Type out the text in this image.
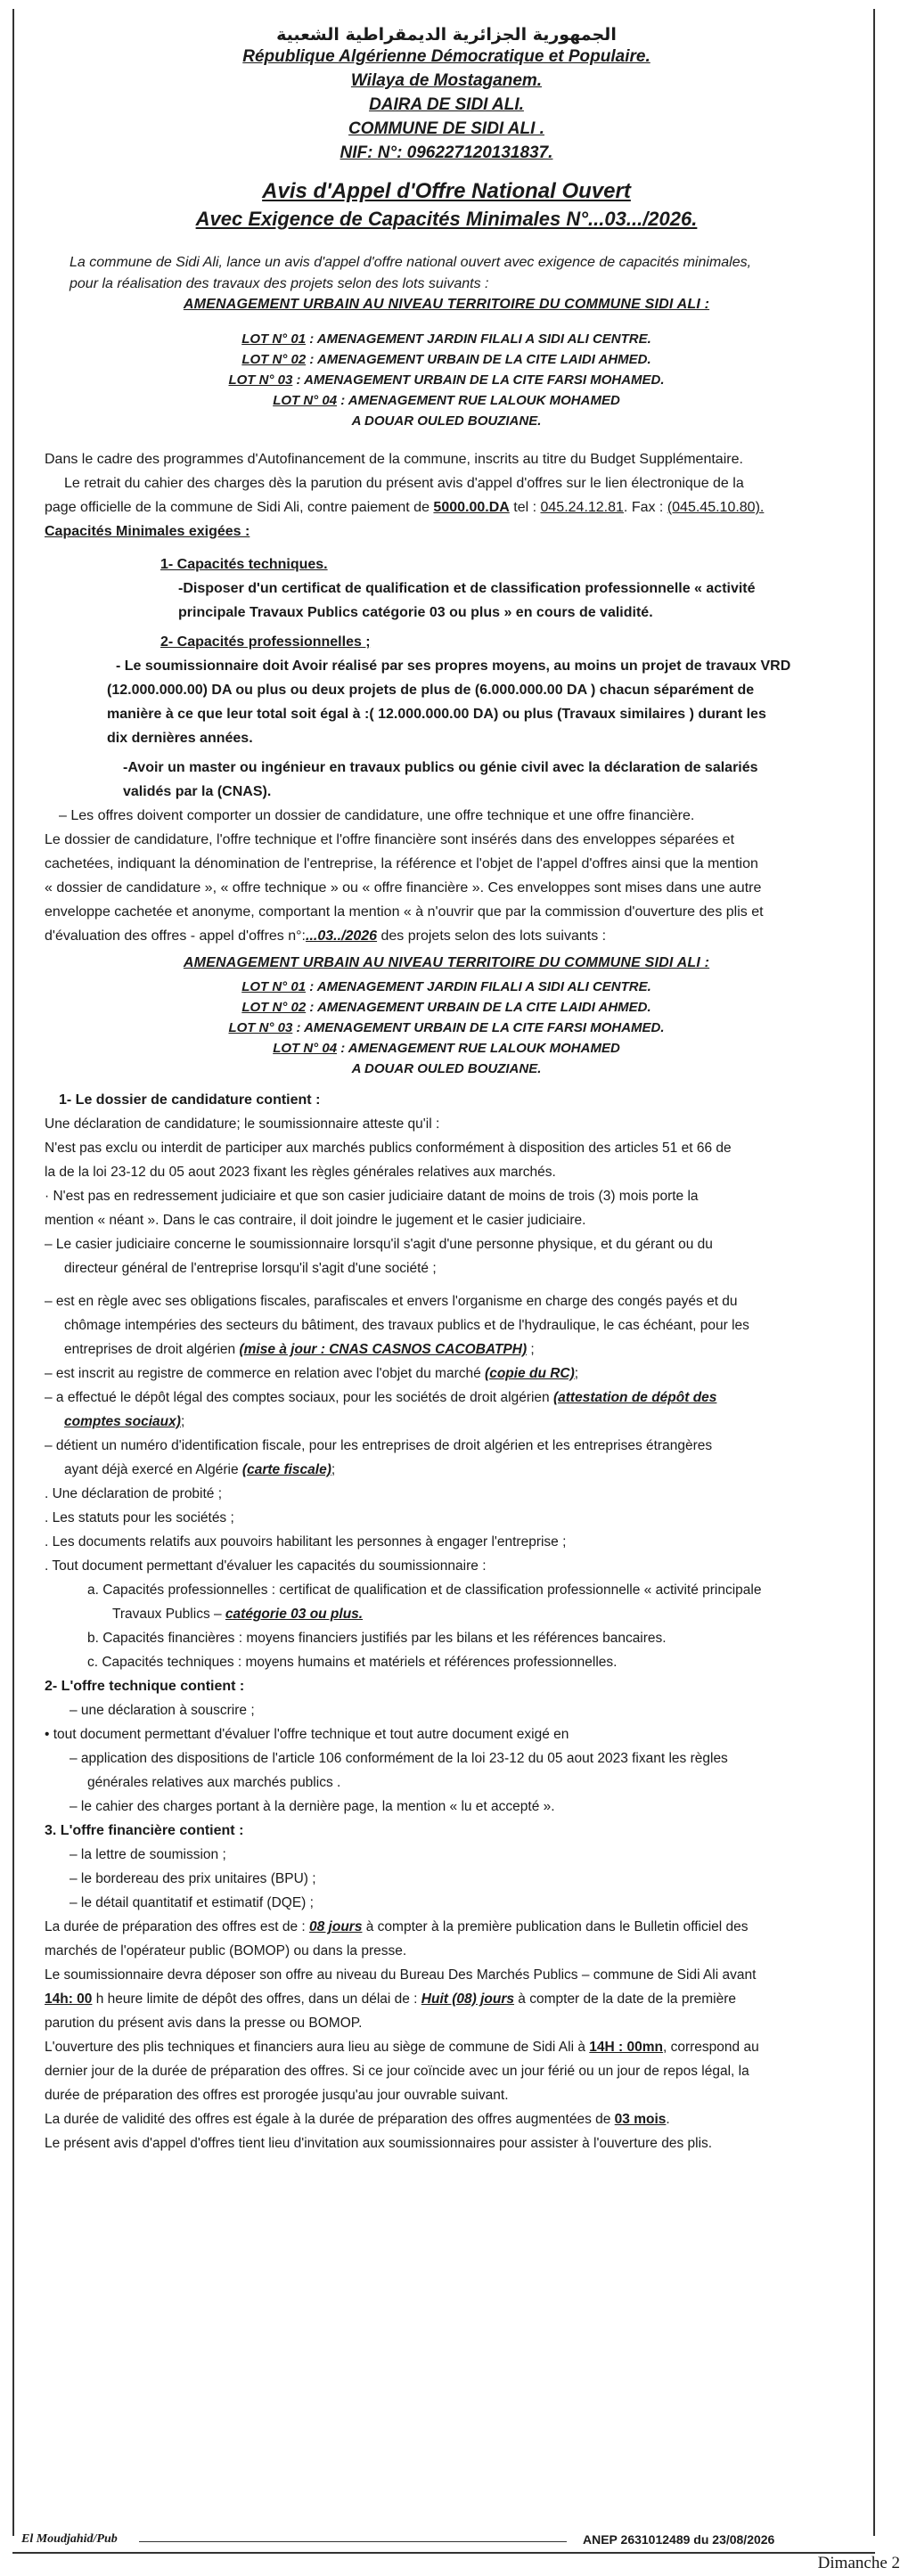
الجمهورية الجزائرية الديمقراطية الشعبية
République Algérienne Démocratique et Populaire.
Wilaya de Mostaganem.
DAIRA DE SIDI ALI.
COMMUNE DE SIDI ALI .
NIF: N°: 096227120131837.
Avis d'Appel d'Offre National Ouvert
Avec Exigence de Capacités Minimales N°...03.../2026.
La commune de Sidi Ali, lance un avis d'appel d'offre national ouvert avec exigence de capacités minimales,
pour la réalisation des travaux des projets selon des lots suivants :
AMENAGEMENT URBAIN AU NIVEAU TERRITOIRE DU COMMUNE SIDI ALI :
LOT N° 01 : AMENAGEMENT JARDIN FILALI A SIDI ALI CENTRE.
LOT N° 02 : AMENAGEMENT URBAIN DE LA CITE LAIDI AHMED.
LOT N° 03 : AMENAGEMENT URBAIN DE LA CITE FARSI MOHAMED.
LOT N° 04 : AMENAGEMENT RUE LALOUK MOHAMED
A DOUAR OULED BOUZIANE.

Dans le cadre des programmes d'Autofinancement de la commune, inscrits au titre du Budget Supplémentaire.

Le retrait du cahier des charges dès la parution du présent avis d'appel d'offres sur le lien électronique de la

page officielle de la commune de Sidi Ali, contre paiement de 5000.00.DA tel : 045.24.12.81. Fax : (045.45.10.80).

Capacités Minimales exigées :

1- Capacités techniques.

-Disposer d'un certificat de qualification et de classification professionnelle « activité

principale Travaux Publics catégorie 03 ou plus » en cours de validité.

2- Capacités professionnelles ;

- Le soumissionnaire doit Avoir réalisé par ses propres moyens, au moins un projet de travaux VRD

(12.000.000.00) DA ou plus ou deux projets de plus de (6.000.000.00 DA ) chacun séparément de

manière à ce que leur total soit égal à :( 12.000.000.00 DA) ou plus (Travaux similaires ) durant les

dix dernières années.

-Avoir un master ou ingénieur en travaux publics ou génie civil avec la déclaration de salariés

validés par la (CNAS).

– Les offres doivent comporter un dossier de candidature, une offre technique et une offre financière.

Le dossier de candidature, l'offre technique et l'offre financière sont insérés dans des enveloppes séparées et

cachetées, indiquant la dénomination de l'entreprise, la référence et l'objet de l'appel d'offres ainsi que la mention

« dossier de candidature », « offre technique » ou « offre financière ». Ces enveloppes sont mises dans une autre

enveloppe cachetée et anonyme, comportant la mention « à n'ouvrir que par la commission d'ouverture des plis et

d'évaluation des offres - appel d'offres n°:...03../2026 des projets selon des lots suivants :

AMENAGEMENT URBAIN AU NIVEAU TERRITOIRE DU COMMUNE SIDI ALI :
LOT N° 01 : AMENAGEMENT JARDIN FILALI A SIDI ALI CENTRE.
LOT N° 02 : AMENAGEMENT URBAIN DE LA CITE LAIDI AHMED.
LOT N° 03 : AMENAGEMENT URBAIN DE LA CITE FARSI MOHAMED.
LOT N° 04 : AMENAGEMENT RUE LALOUK MOHAMED
A DOUAR OULED BOUZIANE.

1- Le dossier de candidature contient :

Une déclaration de candidature; le soumissionnaire atteste qu'il :

N'est pas exclu ou interdit de participer aux marchés publics conformément à disposition des articles 51 et 66 de

la de la loi 23-12 du 05 aout 2023 fixant les règles générales relatives aux marchés.

· N'est pas en redressement judiciaire et que son casier judiciaire datant de moins de trois (3) mois porte la

mention « néant ». Dans le cas contraire, il doit joindre le jugement et le casier judiciaire.

– Le casier judiciaire concerne le soumissionnaire lorsqu'il s'agit d'une personne physique, et du gérant ou du

directeur général de l'entreprise lorsqu'il s'agit d'une société ;

– est en règle avec ses obligations fiscales, parafiscales et envers l'organisme en charge des congés payés et du

chômage intempéries des secteurs du bâtiment, des travaux publics et de l'hydraulique, le cas échéant, pour les

entreprises de droit algérien (mise à jour : CNAS CASNOS CACOBATPH) ;

– est inscrit au registre de commerce en relation avec l'objet du marché (copie du RC);

– a effectué le dépôt légal des comptes sociaux, pour les sociétés de droit algérien (attestation de dépôt des

comptes sociaux);

– détient un numéro d'identification fiscale, pour les entreprises de droit algérien et les entreprises étrangères

ayant déjà exercé en Algérie (carte fiscale);

. Une déclaration de probité ;

. Les statuts pour les sociétés ;

. Les documents relatifs aux pouvoirs habilitant les personnes à engager l'entreprise ;

. Tout document permettant d'évaluer les capacités du soumissionnaire :

a. Capacités professionnelles : certificat de qualification et de classification professionnelle « activité principale

Travaux Publics – catégorie 03 ou plus.

b. Capacités financières : moyens financiers justifiés par les bilans et les références bancaires.

c. Capacités techniques : moyens humains et matériels et références professionnelles.

2- L'offre technique contient :

– une déclaration à souscrire ;

• tout document permettant d'évaluer l'offre technique et tout autre document exigé en

– application des dispositions de l'article 106 conformément de la loi 23-12 du 05 aout 2023 fixant les règles

générales relatives aux marchés publics .

– le cahier des charges portant à la dernière page, la mention « lu et accepté ».

3. L'offre financière contient :

– la lettre de soumission ;

– le bordereau des prix unitaires (BPU) ;

– le détail quantitatif et estimatif (DQE) ;

La durée de préparation des offres est de : 08 jours à compter à la première publication dans le Bulletin officiel des

marchés de l'opérateur public (BOMOP) ou dans la presse.

Le soumissionnaire devra déposer son offre au niveau du Bureau Des Marchés Publics – commune de Sidi Ali avant

14h: 00 h heure limite de dépôt des offres, dans un délai de : Huit (08) jours à compter de la date de la première

parution du présent avis dans la presse ou BOMOP.

L'ouverture des plis techniques et financiers aura lieu au siège de commune de Sidi Ali à 14H : 00mn, correspond au

dernier jour de la durée de préparation des offres. Si ce jour coïncide avec un jour férié ou un jour de repos légal, la

durée de préparation des offres est prorogée jusqu'au jour ouvrable suivant.

La durée de validité des offres est égale à la durée de préparation des offres augmentées de 03 mois.

Le présent avis d'appel d'offres tient lieu d'invitation aux soumissionnaires pour assister à l'ouverture des plis.

El Moudjahid/Pub	ANEP 2631012489 du 23/08/2026
Dimanche 2
